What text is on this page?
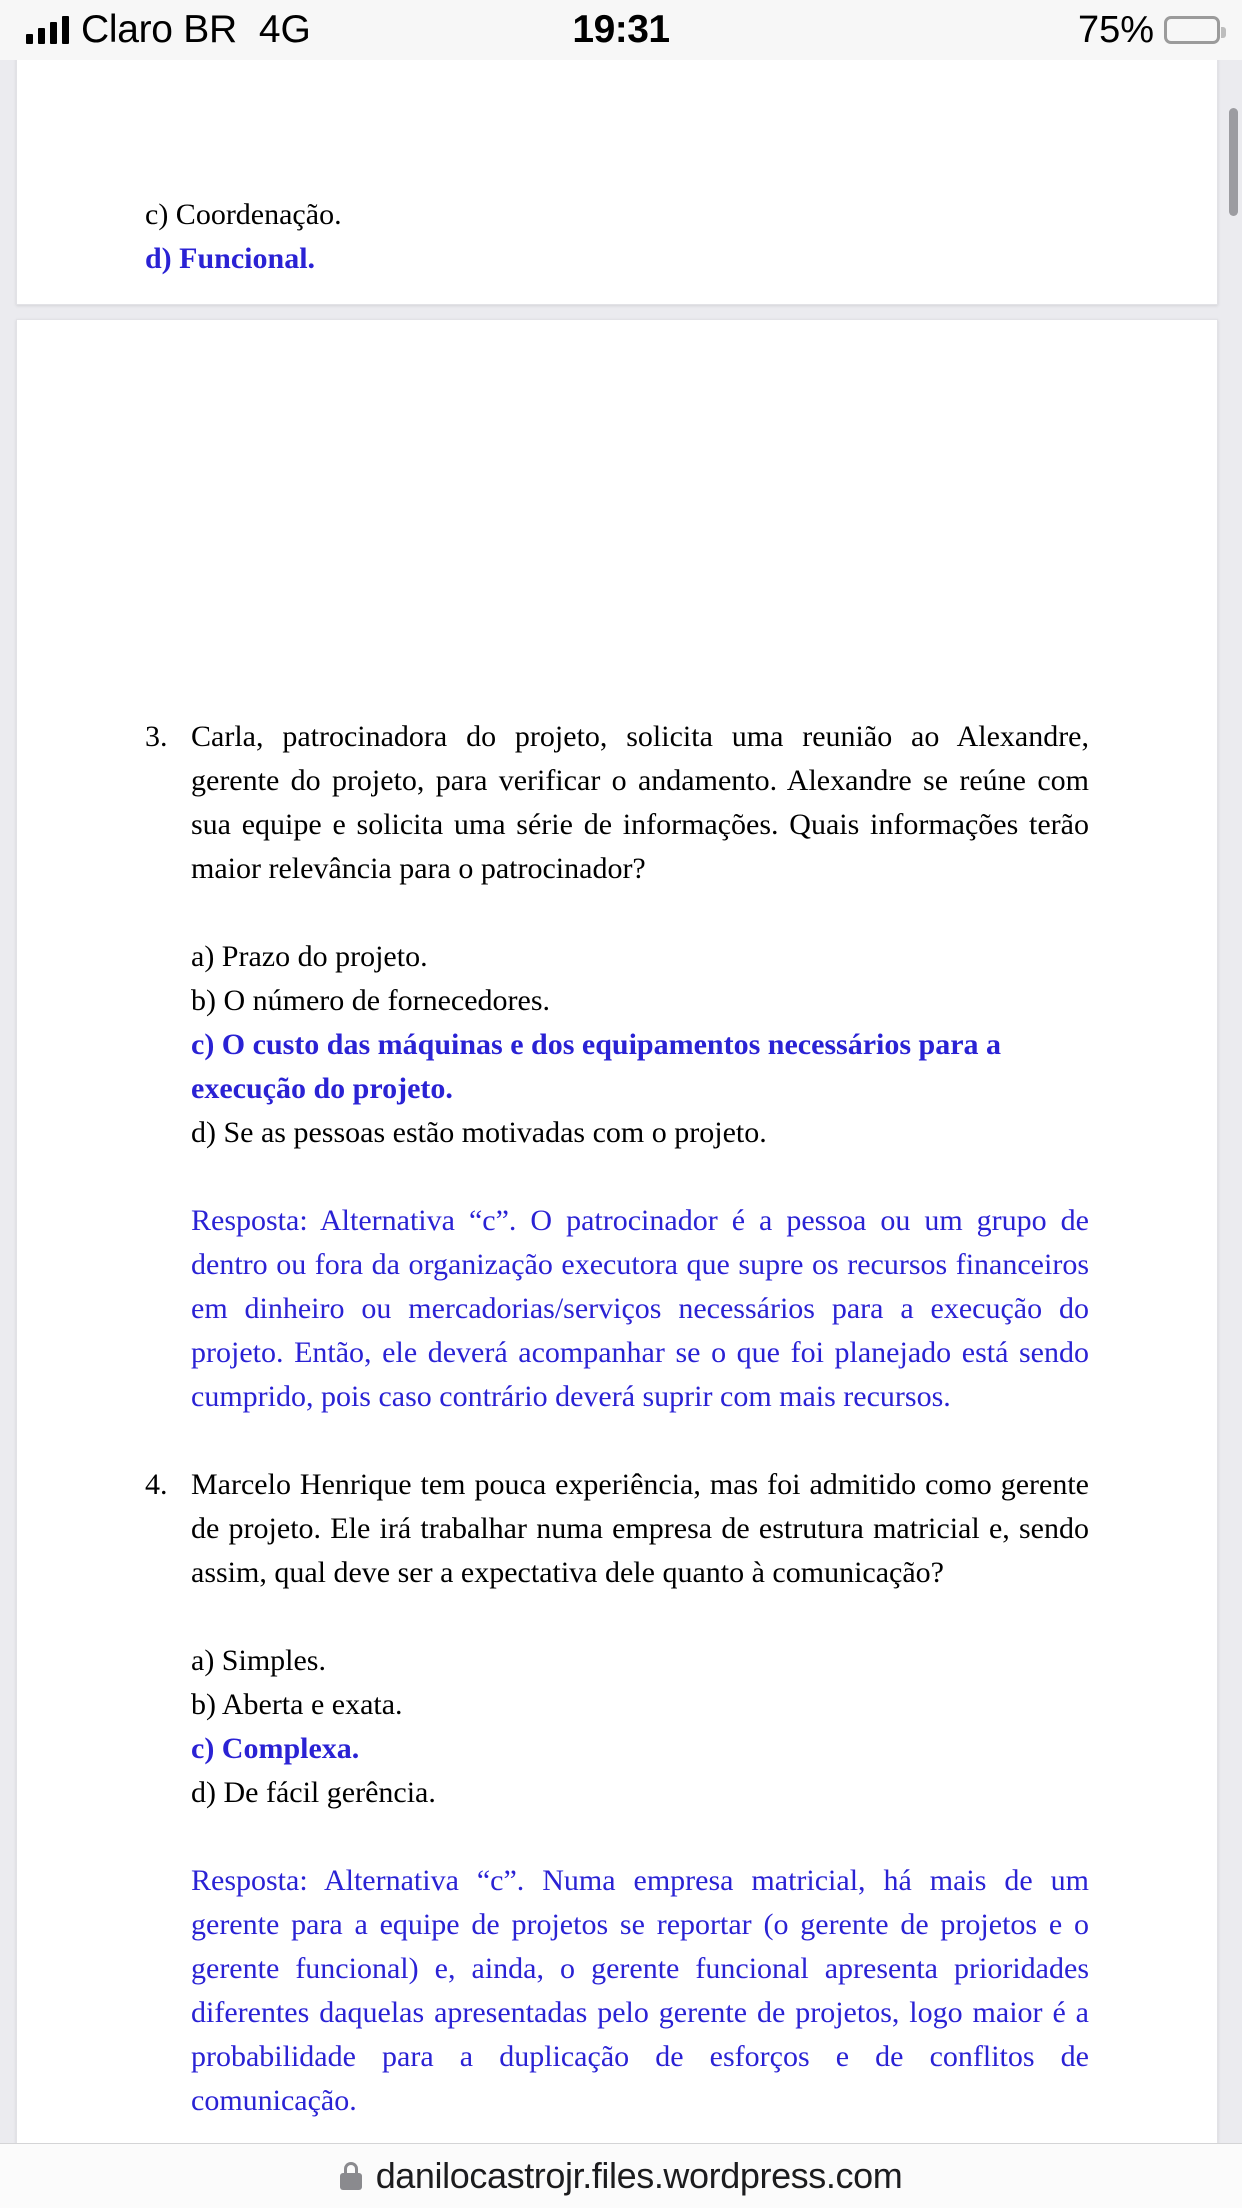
Claro BR 4G	19:31	75%
c) Coordenação.
d) Funcional.
3. Carla, patrocinadora do projeto, solicita uma reunião ao Alexandre, gerente do projeto, para verificar o andamento. Alexandre se reúne com sua equipe e solicita uma série de informações. Quais informações terão maior relevância para o patrocinador?
a) Prazo do projeto.
b) O número de fornecedores.
c) O custo das máquinas e dos equipamentos necessários para a execução do projeto.
d) Se as pessoas estão motivadas com o projeto.
Resposta: Alternativa “c”. O patrocinador é a pessoa ou um grupo de dentro ou fora da organização executora que supre os recursos financeiros em dinheiro ou mercadorias/serviços necessários para a execução do projeto. Então, ele deverá acompanhar se o que foi planejado está sendo cumprido, pois caso contrário deverá suprir com mais recursos.
4. Marcelo Henrique tem pouca experiência, mas foi admitido como gerente de projeto. Ele irá trabalhar numa empresa de estrutura matricial e, sendo assim, qual deve ser a expectativa dele quanto à comunicação?
a) Simples.
b) Aberta e exata.
c) Complexa.
d) De fácil gerência.
Resposta: Alternativa “c”. Numa empresa matricial, há mais de um gerente para a equipe de projetos se reportar (o gerente de projetos e o gerente funcional) e, ainda, o gerente funcional apresenta prioridades diferentes daquelas apresentadas pelo gerente de projetos, logo maior é a probabilidade para a duplicação de esforços e de conflitos de comunicação.
danilocastrojr.files.wordpress.com
